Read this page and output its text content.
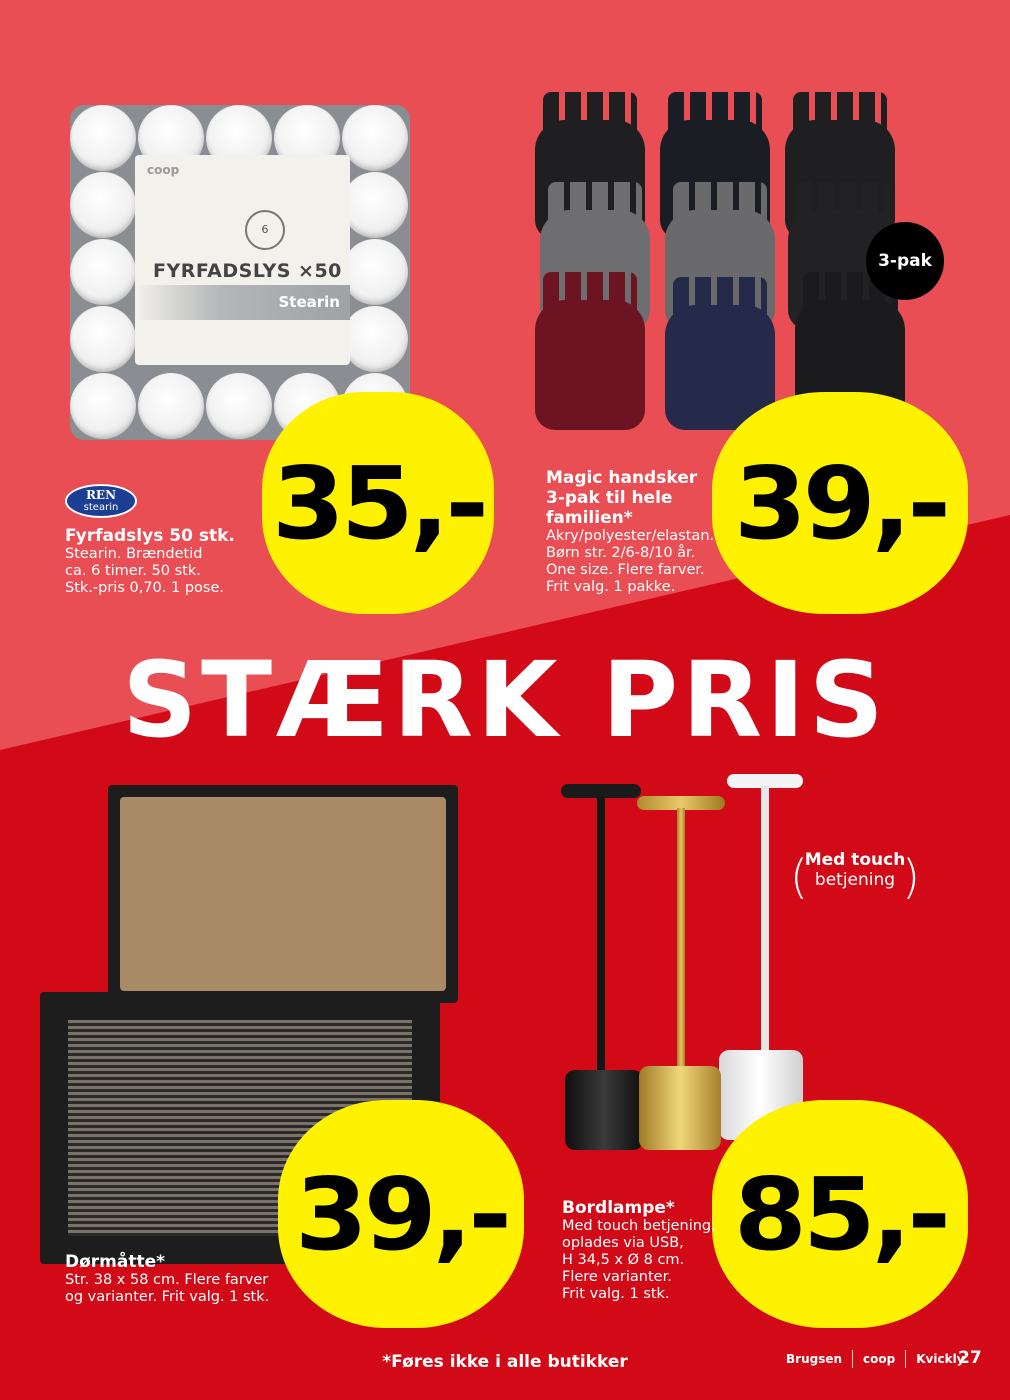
coop
6
FYRFADSLYS ×50
Stearin
35,-
REN
stearin
Fyrfadslys 50 stk.
Stearin. Brændetid
ca. 6 timer. 50 stk.
Stk.-pris 0,70. 1 pose.
3-pak
39,-
Magic handsker
3-pak til hele
familien*
Akry/polyester/elastan.
Børn str. 2/6-8/10 år.
One size. Flere farver.
Frit valg. 1 pakke.
STÆRK PRIS
39,-
Dørmåtte*
Str. 38 x 58 cm. Flere farver
og varianter. Frit valg. 1 stk.
(
Med touch
betjening )
85,-
Bordlampe*
Med touch betjening,
oplades via USB,
H 34,5 x Ø 8 cm.
Flere varianter.
Frit valg. 1 stk.
*Føres ikke i alle butikker	Brugsen coop Kvickly
27
